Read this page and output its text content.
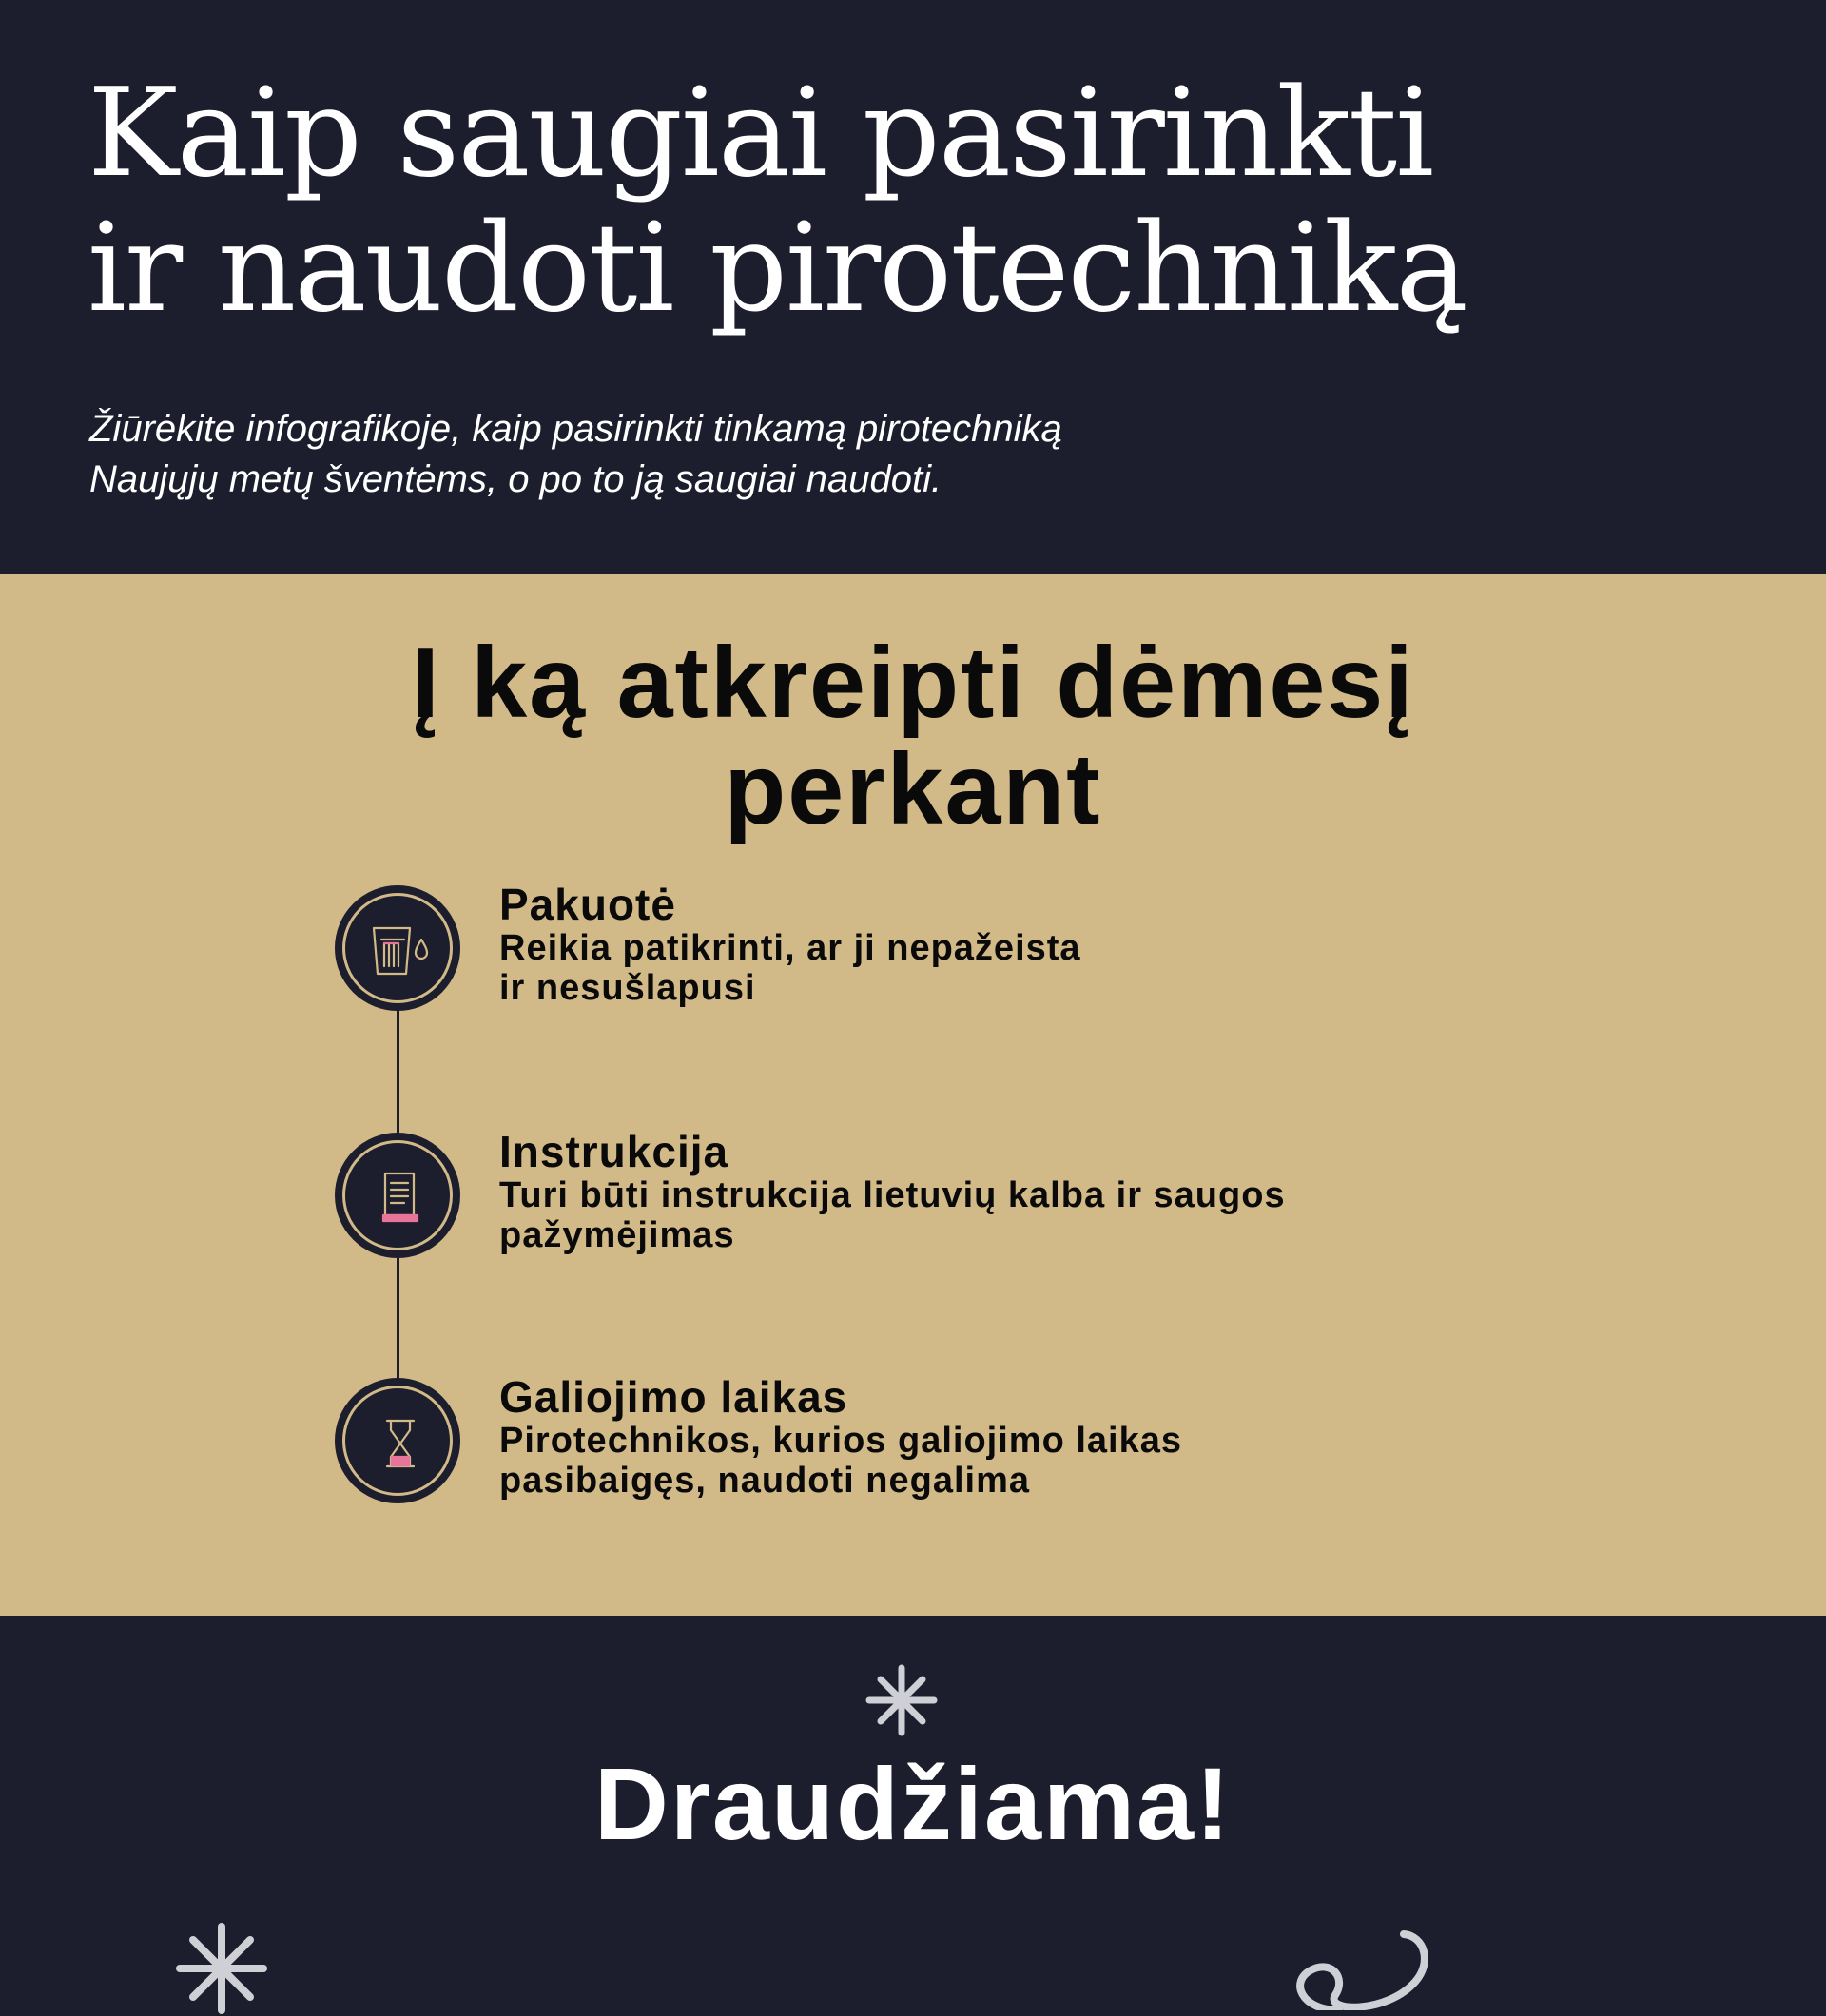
Kaip saugiai pasirinkti
ir naudoti pirotechniką

Žiūrėkite infografikoje, kaip pasirinkti tinkamą pirotechniką
Naujųjų metų šventėms, o po to ją saugiai naudoti.

Į ką atkreipti dėmesį
perkant

Pakuotė

Reikia patikrinti, ar ji nepažeista
ir nesušlapusi

Instrukcija

Turi būti instrukcija lietuvių kalba ir saugos
pažymėjimas

Galiojimo laikas

Pirotechnikos, kurios galiojimo laikas
pasibaigęs, naudoti negalima

Draudžiama!
